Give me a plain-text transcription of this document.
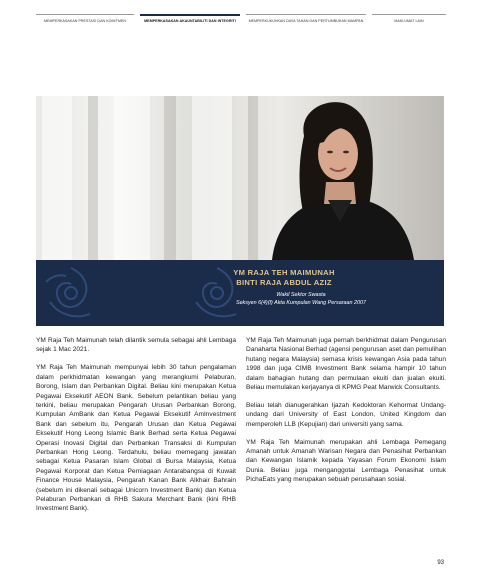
MEMPERKASAKAN PRESTASI DAN KOMITMEN	MEMPERKASAKAN AKAUNTABILITI DAN INTEGRITI	MEMPERKUKUHKAN DAYA TAHAN DAN PERTUMBUHAN MAMPAN	MAKLUMAT LAIN
YM RAJA TEH MAIMUNAH
BINTI RAJA ABDUL AZIZ
Wakil Sektor Swasta
Seksyen 6(4)(f) Akta Kumpulan Wang Persaraan 2007

YM Raja Teh Maimunah telah dilantik semula sebagai ahli Lembaga sejak 1 Mac 2021.

YM Raja Teh Maimunah mempunyai lebih 30 tahun pengalaman dalam perkhidmatan kewangan yang merangkumi Pelaburan, Borong, Islam dan Perbankan Digital. Beliau kini merupakan Ketua Pegawai Eksekutif AEON Bank. Sebelum pelantikan beliau yang terkini, beliau merupakan Pengarah Urusan Perbankan Borong, Kumpulan AmBank dan Ketua Pegawai Eksekutif AmInvestment Bank dan sebelum itu, Pengarah Urusan dan Ketua Pegawai Eksekutif Hong Leong Islamic Bank Berhad serta Ketua Pegawai Operasi Inovasi Digital dan Perbankan Transaksi di Kumpulan Perbankan Hong Leong. Terdahulu, beliau memegang jawatan sebagai Ketua Pasaran Islam Global di Bursa Malaysia, Ketua Pegawai Korporat dan Ketua Perniagaan Antarabangsa di Kuwait Finance House Malaysia, Pengarah Kanan Bank Alkhair Bahrain (sebelum ini dikenali sebagai Unicorn Investment Bank) dan Ketua Pelaburan Perbankan di RHB Sakura Merchant Bank (kini RHB Investment Bank).

YM Raja Teh Maimunah juga pernah berkhidmat dalam Pengurusan Danaharta Nasional Berhad (agensi pengurusan aset dan pemulihan hutang negara Malaysia) semasa krisis kewangan Asia pada tahun 1998 dan juga CIMB Investment Bank selama hampir 10 tahun dalam bahagian hutang dan permulaan ekuiti dan jualan ekuiti. Beliau memulakan kerjayanya di KPMG Peat Marwick Consultants.

Beliau telah dianugerahkan Ijazah Kedoktoran Kehormat Undang-undang dari University of East London, United Kingdom dan memperoleh LLB (Kepujian) dari universiti yang sama.

YM Raja Teh Maimunah merupakan ahli Lembaga Pemegang Amanah untuk Amanah Warisan Negara dan Penasihat Perbankan dan Kewangan Islamik kepada Yayasan Forum Ekonomi Islam Dunia. Beliau juga menganggotai Lembaga Penasihat untuk PichaEats yang merupakan sebuah perusahaan sosial.

93
